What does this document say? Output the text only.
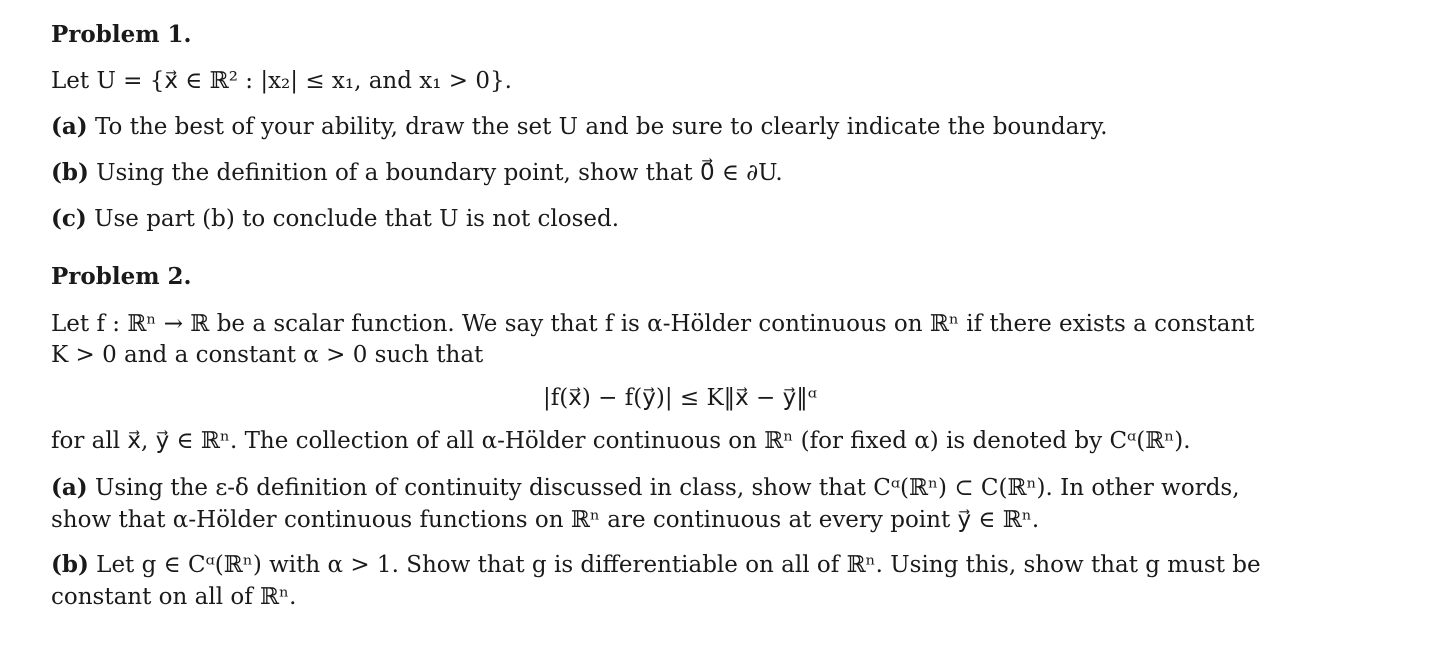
Problem 1.
Let U = {x⃗ ∈ ℝ² : |x₂| ≤ x₁, and x₁ > 0}.
(a) To the best of your ability, draw the set U and be sure to clearly indicate the boundary.
(b) Using the definition of a boundary point, show that 0⃗ ∈ ∂U.
(c) Use part (b) to conclude that U is not closed.
Problem 2.
Let f : ℝⁿ → ℝ be a scalar function. We say that f is α-Hölder continuous on ℝⁿ if there exists a constant
K > 0 and a constant α > 0 such that
|f(x⃗) − f(y⃗)| ≤ K‖x⃗ − y⃗‖ᵅ
for all x⃗, y⃗ ∈ ℝⁿ. The collection of all α-Hölder continuous on ℝⁿ (for fixed α) is denoted by Cᵅ(ℝⁿ).
(a) Using the ε-δ definition of continuity discussed in class, show that Cᵅ(ℝⁿ) ⊂ C(ℝⁿ). In other words,
show that α-Hölder continuous functions on ℝⁿ are continuous at every point y⃗ ∈ ℝⁿ.
(b) Let g ∈ Cᵅ(ℝⁿ) with α > 1. Show that g is differentiable on all of ℝⁿ. Using this, show that g must be
constant on all of ℝⁿ.
